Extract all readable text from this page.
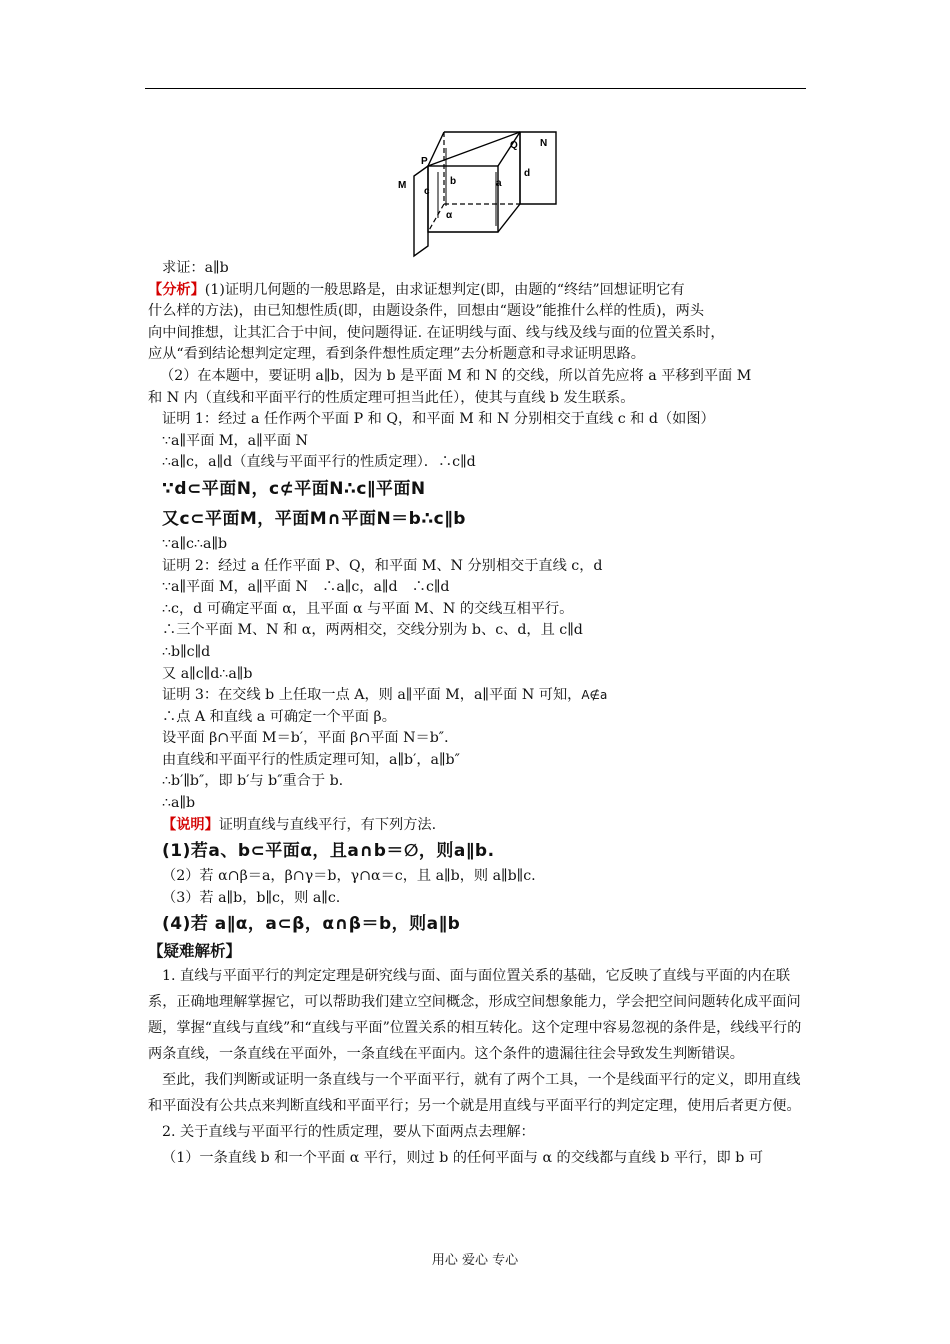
P
Q N
M
c
b	a
d
α
求证：a∥b
【分析】(1)证明几何题的一般思路是，由求证想判定(即，由题的“终结”回想证明它有
什么样的方法)，由已知想性质(即，由题设条件，回想由“题设”能推什么样的性质)，两头
向中间推想，让其汇合于中间，使问题得证. 在证明线与面、线与线及线与面的位置关系时，
应从“看到结论想判定定理，看到条件想性质定理”去分析题意和寻求证明思路。
（2）在本题中，要证明 a∥b，因为 b 是平面 M 和 N 的交线，所以首先应将 a 平移到平面 M
和 N 内（直线和平面平行的性质定理可担当此任），使其与直线 b 发生联系。
证明 1：经过 a 任作两个平面 P 和 Q，和平面 M 和 N 分别相交于直线 c 和 d（如图）
∵a∥平面 M，a∥平面 N
∴a∥c，a∥d（直线与平面平行的性质定理）．∴c∥d
∵d⊂平面N，c⊄平面N∴c∥平面N
又c⊂平面M，平面M∩平面N＝b∴c∥b
∵a∥c∴a∥b
证明 2：经过 a 任作平面 P、Q，和平面 M、N 分别相交于直线 c，d
∵a∥平面 M，a∥平面 N　∴a∥c，a∥d　∴c∥d
∴c，d 可确定平面 α，且平面 α 与平面 M、N 的交线互相平行。
∴三个平面 M、N 和 α，两两相交，交线分别为 b、c、d，且 c∥d
∴b∥c∥d
又 a∥c∥d∴a∥b
证明 3：在交线 b 上任取一点 A，则 a∥平面 M，a∥平面 N 可知，A∉a
∴点 A 和直线 a 可确定一个平面 β。
设平面 β∩平面 M＝b′，平面 β∩平面 N＝b″．
由直线和平面平行的性质定理可知，a∥b′，a∥b″
∴b′∥b″，即 b′与 b″重合于 b.
∴a∥b
【说明】证明直线与直线平行，有下列方法.
(1)若a、b⊂平面α，且a∩b＝∅，则a∥b.
（2）若 α∩β＝a，β∩γ＝b，γ∩α＝c，且 a∥b，则 a∥b∥c.
（3）若 a∥b，b∥c，则 a∥c.
(4)若 a∥α，a⊂β，α∩β＝b，则a∥b
【疑难解析】
1. 直线与平面平行的判定定理是研究线与面、面与面位置关系的基础，它反映了直线与平面的内在联系，正确地理解掌握它，可以帮助我们建立空间概念，形成空间想象能力，学会把空间问题转化成平面问题，掌握“直线与直线”和“直线与平面”位置关系的相互转化。这个定理中容易忽视的条件是，线线平行的两条直线，一条直线在平面外，一条直线在平面内。这个条件的遗漏往往会导致发生判断错误。
至此，我们判断或证明一条直线与一个平面平行，就有了两个工具，一个是线面平行的定义，即用直线和平面没有公共点来判断直线和平面平行；另一个就是用直线与平面平行的判定定理，使用后者更方便。
2. 关于直线与平面平行的性质定理，要从下面两点去理解：
（1）一条直线 b 和一个平面 α 平行，则过 b 的任何平面与 α 的交线都与直线 b 平行，即 b 可
用心 爱心 专心
